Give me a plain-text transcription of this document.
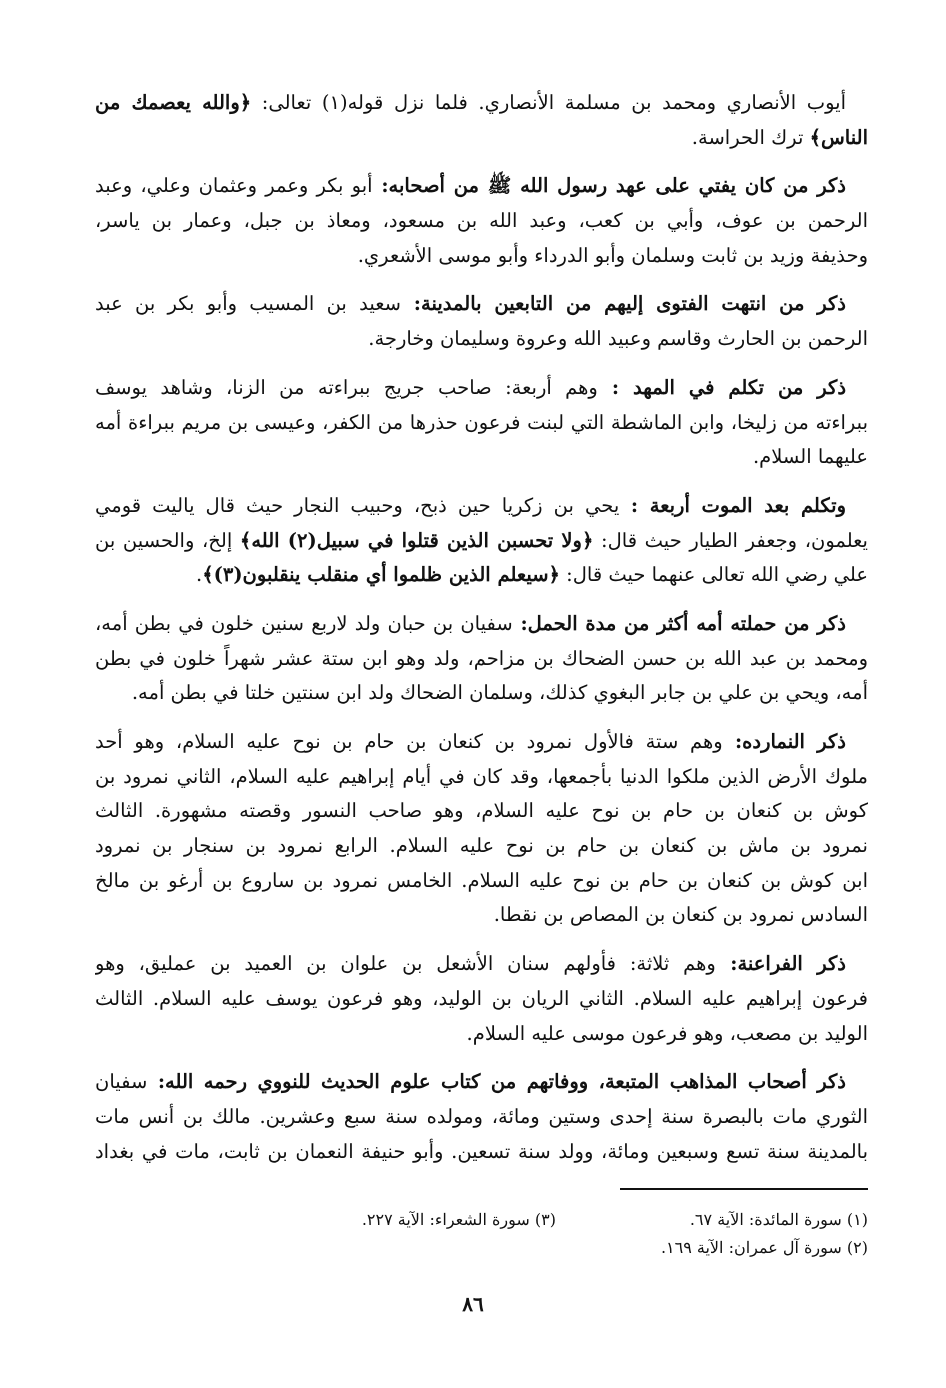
أيوب الأنصاري ومحمد بن مسلمة الأنصاري. فلما نزل قوله(١) تعالى: ﴿والله يعصمك من
الناس﴾ ترك الحراسة.
ذكر من كان يفتي على عهد رسول الله ﷺ من أصحابه: أبو بكر وعمر وعثمان وعلي، وعبد
الرحمن بن عوف، وأبي بن كعب، وعبد الله بن مسعود، ومعاذ بن جبل، وعمار بن ياسر،
وحذيفة وزيد بن ثابت وسلمان وأبو الدرداء وأبو موسى الأشعري.
ذكر من انتهت الفتوى إليهم من التابعين بالمدينة: سعيد بن المسيب وأبو بكر بن عبد
الرحمن بن الحارث وقاسم وعبيد الله وعروة وسليمان وخارجة.
ذكر من تكلم في المهد : وهم أربعة: صاحب جريج ببراءته من الزنا، وشاهد يوسف
ببراءته من زليخا، وابن الماشطة التي لبنت فرعون حذرها من الكفر، وعيسى بن مريم ببراءة أمه
عليهما السلام.
وتكلم بعد الموت أربعة : يحي بن زكريا حين ذبح، وحبيب النجار حيث قال ياليت قومي
يعلمون، وجعفر الطيار حيث قال: ﴿ولا تحسبن الذين قتلوا في سبيل(٢) الله﴾ إلخ، والحسين بن
علي رضي الله تعالى عنهما حيث قال: ﴿سيعلم الذين ظلموا أي منقلب ينقلبون(٣)﴾.
ذكر من حملته أمه أكثر من مدة الحمل: سفيان بن حبان ولد لاربع سنين خلون في بطن أمه،
ومحمد بن عبد الله بن حسن الضحاك بن مزاحم، ولد وهو ابن ستة عشر شهراً خلون في بطن
أمه، ويحي بن علي بن جابر البغوي كذلك، وسلمان الضحاك ولد ابن سنتين خلتا في بطن أمه.
ذكر النمارده: وهم ستة فالأول نمرود بن كنعان بن حام بن نوح عليه السلام، وهو أحد
ملوك الأرض الذين ملكوا الدنيا بأجمعها، وقد كان في أيام إبراهيم عليه السلام، الثاني نمرود بن
كوش بن كنعان بن حام بن نوح عليه السلام، وهو صاحب النسور وقصته مشهورة. الثالث
نمرود بن ماش بن كنعان بن حام بن نوح عليه السلام. الرابع نمرود بن سنجار بن نمرود
ابن كوش بن كنعان بن حام بن نوح عليه السلام. الخامس نمرود بن ساروع بن أرغو بن مالخ
السادس نمرود بن كنعان بن المصاص بن نقطا.
ذكر الفراعنة: وهم ثلاثة: فأولهم سنان الأشعل بن علوان بن العميد بن عمليق، وهو
فرعون إبراهيم عليه السلام. الثاني الريان بن الوليد، وهو فرعون يوسف عليه السلام. الثالث
الوليد بن مصعب، وهو فرعون موسى عليه السلام.
ذكر أصحاب المذاهب المتبعة، ووفاتهم من كتاب علوم الحديث للنووي رحمه الله: سفيان
الثوري مات بالبصرة سنة إحدى وستين ومائة، ومولده سنة سبع وعشرين. مالك بن أنس مات
بالمدينة سنة تسع وسبعين ومائة، وولد سنة تسعين. وأبو حنيفة النعمان بن ثابت، مات في بغداد
(١) سورة المائدة: الآية ٦٧.
(٢) سورة آل عمران: الآية ١٦٩.
(٣) سورة الشعراء: الآية ٢٢٧.
٨٦
